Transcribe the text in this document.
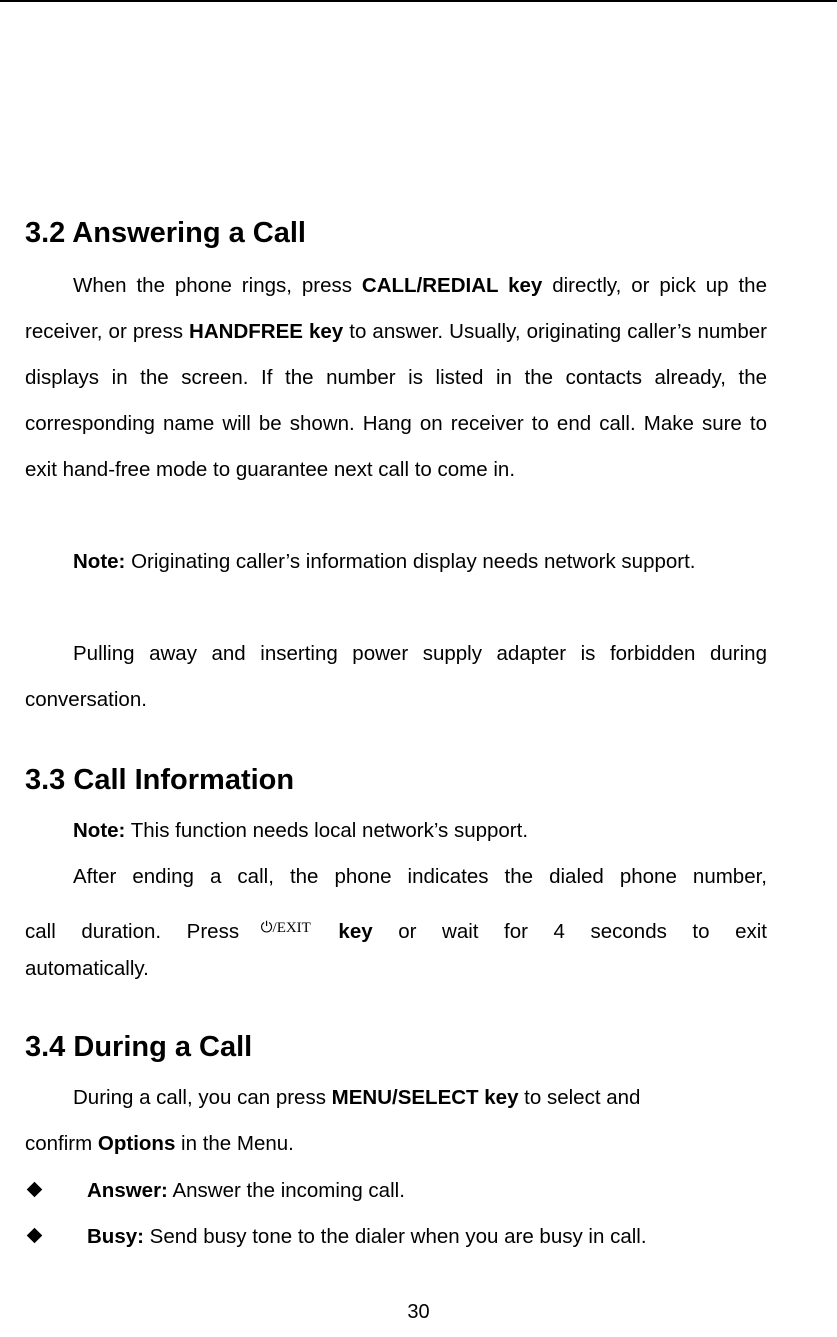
3.2 Answering a Call

When the phone rings, press CALL/REDIAL key directly, or pick up the receiver, or press HANDFREE key to answer. Usually, originating caller’s number displays in the screen. If the number is listed in the contacts already, the corresponding name will be shown. Hang on receiver to end call. Make sure to exit hand-free mode to guarantee next call to come in.

Note: Originating caller’s information display needs network support.

Pulling away and inserting power supply adapter is forbidden during conversation.

3.3 Call Information

Note: This function needs local network’s support.

After ending a call, the phone indicates the dialed phone number,

call duration. Press ⏻/EXIT key or wait for 4 seconds to exit

automatically.

3.4 During a Call

During a call, you can press MENU/SELECT key to select and

confirm Options in the Menu.

Answer: Answer the incoming call.
Busy: Send busy tone to the dialer when you are busy in call.
30
